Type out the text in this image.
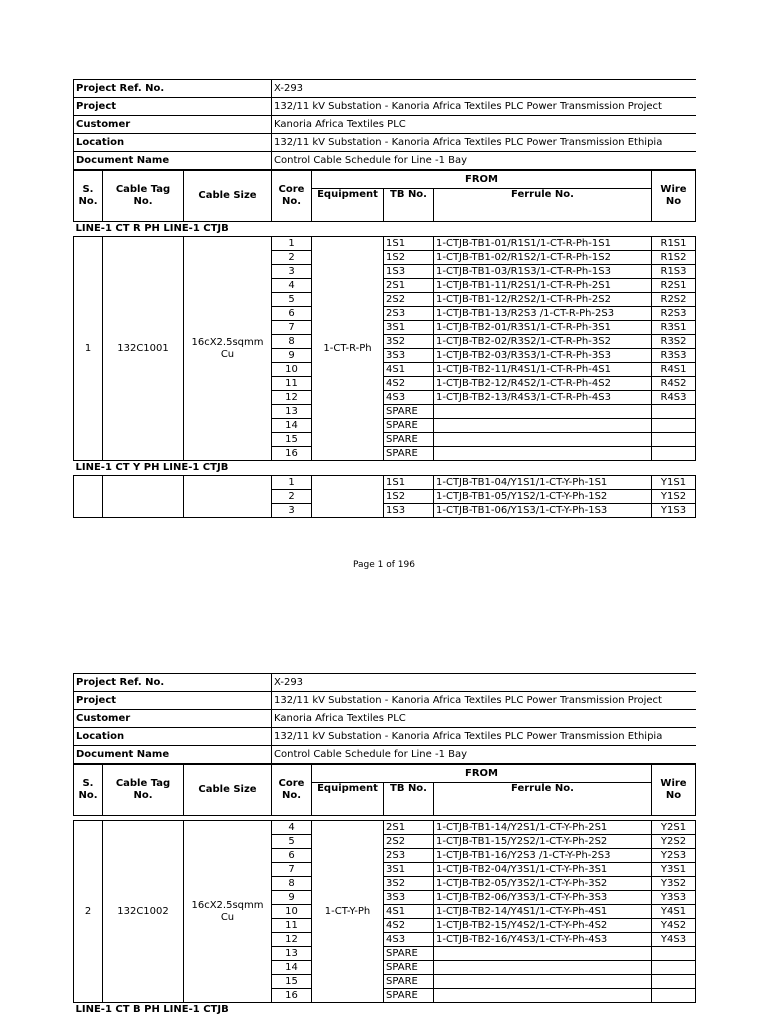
Project Ref. No.	X-293
Project	132/11 kV Substation - Kanoria Africa Textiles PLC Power Transmission Project
Customer	Kanoria Africa Textiles PLC
Location	132/11 kV Substation - Kanoria Africa Textiles PLC Power Transmission Ethipia
Document Name	Control Cable Schedule for Line -1 Bay
S. No.	Cable Tag No.	Cable Size	Core No.	FROM			Wire No
				Equipment	TB No.	Ferrule No.	
LINE-1 CT R PH LINE-1 CTJB							
1	132C1001	16cX2.5sqmm Cu	1	1-CT-R-Ph	1S1	1-CTJB-TB1-01/R1S1/1-CT-R-Ph-1S1	R1S1
			2		1S2	1-CTJB-TB1-02/R1S2/1-CT-R-Ph-1S2	R1S2
			3		1S3	1-CTJB-TB1-03/R1S3/1-CT-R-Ph-1S3	R1S3
			4		2S1	1-CTJB-TB1-11/R2S1/1-CT-R-Ph-2S1	R2S1
			5		2S2	1-CTJB-TB1-12/R2S2/1-CT-R-Ph-2S2	R2S2
			6		2S3	1-CTJB-TB1-13/R2S3 /1-CT-R-Ph-2S3	R2S3
			7		3S1	1-CTJB-TB2-01/R3S1/1-CT-R-Ph-3S1	R3S1
			8		3S2	1-CTJB-TB2-02/R3S2/1-CT-R-Ph-3S2	R3S2
			9		3S3	1-CTJB-TB2-03/R3S3/1-CT-R-Ph-3S3	R3S3
			10		4S1	1-CTJB-TB2-11/R4S1/1-CT-R-Ph-4S1	R4S1
			11		4S2	1-CTJB-TB2-12/R4S2/1-CT-R-Ph-4S2	R4S2
			12		4S3	1-CTJB-TB2-13/R4S3/1-CT-R-Ph-4S3	R4S3
			13		SPARE		
			14		SPARE		
			15		SPARE		
			16		SPARE		
LINE-1 CT Y PH LINE-1 CTJB							
			1		1S1	1-CTJB-TB1-04/Y1S1/1-CT-Y-Ph-1S1	Y1S1
			2		1S2	1-CTJB-TB1-05/Y1S2/1-CT-Y-Ph-1S2	Y1S2
			3		1S3	1-CTJB-TB1-06/Y1S3/1-CT-Y-Ph-1S3	Y1S3
Page 1 of 196
Project Ref. No.	X-293
Project	132/11 kV Substation - Kanoria Africa Textiles PLC Power Transmission Project
Customer	Kanoria Africa Textiles PLC
Location	132/11 kV Substation - Kanoria Africa Textiles PLC Power Transmission Ethipia
Document Name	Control Cable Schedule for Line -1 Bay
S. No.	Cable Tag No.	Cable Size	Core No.	FROM			Wire No
				Equipment	TB No.	Ferrule No.	

2	132C1002	16cX2.5sqmm Cu	4	1-CT-Y-Ph	2S1	1-CTJB-TB1-14/Y2S1/1-CT-Y-Ph-2S1	Y2S1
			5		2S2	1-CTJB-TB1-15/Y2S2/1-CT-Y-Ph-2S2	Y2S2
			6		2S3	1-CTJB-TB1-16/Y2S3 /1-CT-Y-Ph-2S3	Y2S3
			7		3S1	1-CTJB-TB2-04/Y3S1/1-CT-Y-Ph-3S1	Y3S1
			8		3S2	1-CTJB-TB2-05/Y3S2/1-CT-Y-Ph-3S2	Y3S2
			9		3S3	1-CTJB-TB2-06/Y3S3/1-CT-Y-Ph-3S3	Y3S3
			10		4S1	1-CTJB-TB2-14/Y4S1/1-CT-Y-Ph-4S1	Y4S1
			11		4S2	1-CTJB-TB2-15/Y4S2/1-CT-Y-Ph-4S2	Y4S2
			12		4S3	1-CTJB-TB2-16/Y4S3/1-CT-Y-Ph-4S3	Y4S3
			13		SPARE		
			14		SPARE		
			15		SPARE		
			16		SPARE		
LINE-1 CT B PH LINE-1 CTJB							
